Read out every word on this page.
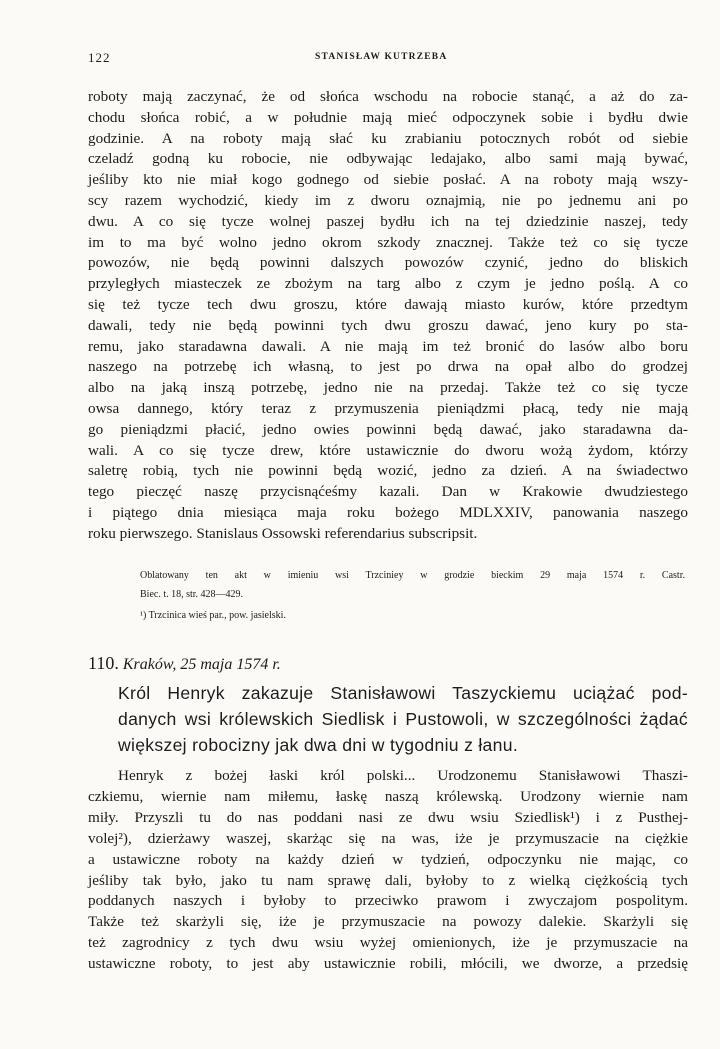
122	STANISŁAW KUTRZEBA
roboty mają zaczynać, że od słońca wschodu na robocie stanąć, a aż do za-
chodu słońca robić, a w południe mają mieć odpoczynek sobie i bydłu dwie
godzinie. A na roboty mają słać ku zrabianiu potocznych robót od siebie
czeladź godną ku robocie, nie odbywając ledajako, albo sami mają bywać,
jeśliby kto nie miał kogo godnego od siebie posłać. A na roboty mają wszy-
scy razem wychodzić, kiedy im z dworu oznajmią, nie po jednemu ani po
dwu. A co się tycze wolnej paszej bydłu ich na tej dziedzinie naszej, tedy
im to ma być wolno jedno okrom szkody znacznej. Także też co się tycze
powozów, nie będą powinni dalszych powozów czynić, jedno do bliskich
przyległych miasteczek ze zbożym na targ albo z czym je jedno poślą. A co
się też tycze tech dwu groszu, które dawają miasto kurów, które przedtym
dawali, tedy nie będą powinni tych dwu groszu dawać, jeno kury po sta-
remu, jako staradawna dawali. A nie mają im też bronić do lasów albo boru
naszego na potrzebę ich własną, to jest po drwa na opał albo do grodzej
albo na jaką inszą potrzebę, jedno nie na przedaj. Także też co się tycze
owsa dannego, który teraz z przymuszenia pieniądzmi płacą, tedy nie mają
go pieniądzmi płacić, jedno owies powinni będą dawać, jako staradawna da-
wali. A co się tycze drew, które ustawicznie do dworu wożą żydom, którzy
saletrę robią, tych nie powinni będą wozić, jedno za dzień. A na świadectwo
tego pieczęć naszę przycisnąćeśmy kazali. Dan w Krakowie dwudziestego
i piątego dnia miesiąca maja roku bożego MDLXXIV, panowania naszego
roku pierwszego. Stanislaus Ossowski referendarius subscripsit.
Oblatowany ten akt w imieniu wsi Trzciniey w grodzie bieckim 29 maja 1574 r. Castr.
Biec. t. 18, str. 428—429.
¹) Trzcinica wieś par., pow. jasielski.
110. Kraków, 25 maja 1574 r.
Król Henryk zakazuje Stanisławowi Taszyckiemu uciążać pod-
danych wsi królewskich Siedlisk i Pustowoli, w szczególności żądać
większej robocizny jak dwa dni w tygodniu z łanu.
Henryk z bożej łaski król polski... Urodzonemu Stanisławowi Thaszi-
czkiemu, wiernie nam miłemu, łaskę naszą królewską. Urodzony wiernie nam
miły. Przyszli tu do nas poddani nasi ze dwu wsiu Sziedlisk¹) i z Pusthej-
volej²), dzierżawy waszej, skarżąc się na was, iże je przymuszacie na ciężkie
a ustawiczne roboty na każdy dzień w tydzień, odpoczynku nie mając, co
jeśliby tak było, jako tu nam sprawę dali, byłoby to z wielką ciężkością tych
poddanych naszych i byłoby to przeciwko prawom i zwyczajom pospolitym.
Także też skarżyli się, iże je przymuszacie na powozy dalekie. Skarżyli się
też zagrodnicy z tych dwu wsiu wyżej omienionych, iże je przymuszacie na
ustawiczne roboty, to jest aby ustawicznie robili, młócili, we dworze, a przedsię
